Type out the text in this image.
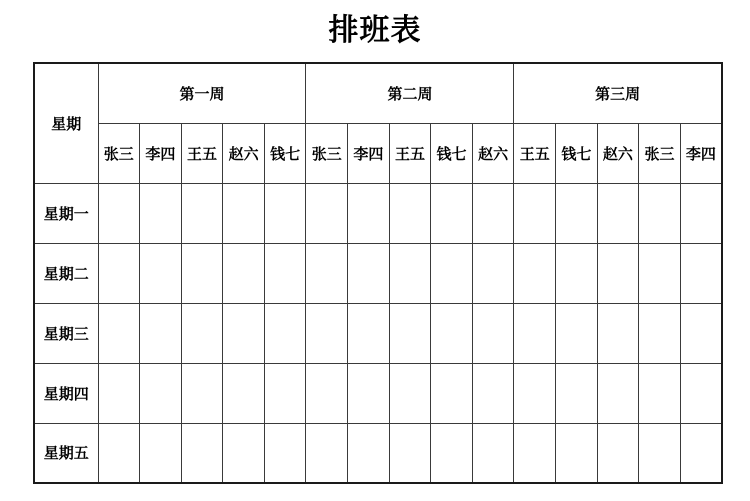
排班表
星期	第一周					第二周					第三周				
	张三	李四	王五	赵六	钱七	张三	李四	王五	钱七	赵六	王五	钱七	赵六	张三	李四
星期一															
星期二															
星期三															
星期四															
星期五															
